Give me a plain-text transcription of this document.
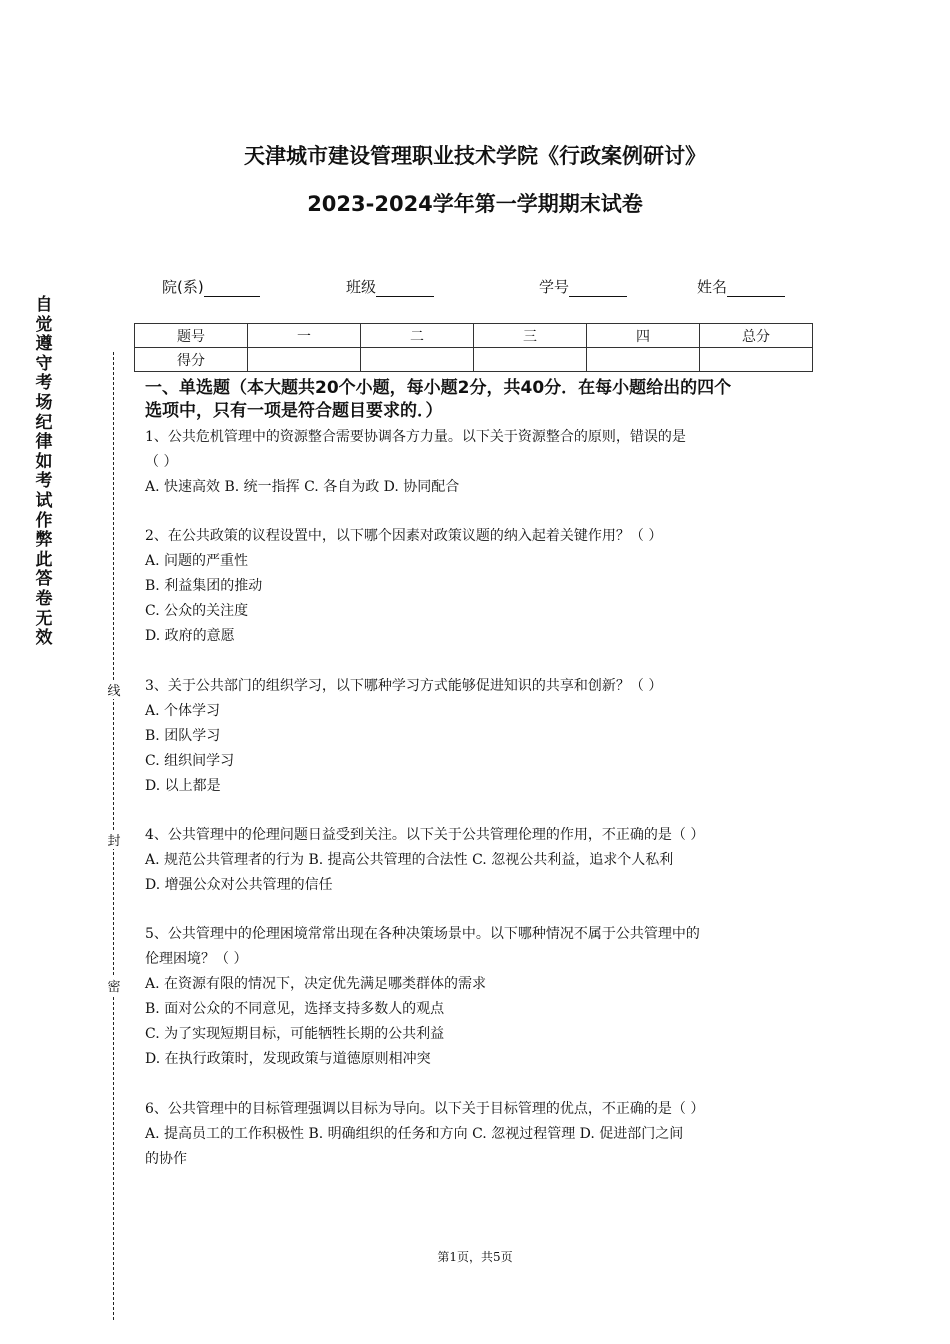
天津城市建设管理职业技术学院《行政案例研讨》
2023-2024学年第一学期期末试卷
院(系)	班级	学号	姓名
自
觉
遵
守
考
场
纪
律
如
考
试
作
弊
此
答
卷
无
效
线
封
密
题号	一	二	三	四	总分
得分					
一、单选题（本大题共20个小题，每小题2分，共40分．在每小题给出的四个
选项中，只有一项是符合题目要求的．）
1、公共危机管理中的资源整合需要协调各方力量。以下关于资源整合的原则，错误的是
（ ）
A. 快速高效 B. 统一指挥 C. 各自为政 D. 协同配合
2、在公共政策的议程设置中，以下哪个因素对政策议题的纳入起着关键作用？（ ）
A. 问题的严重性
B. 利益集团的推动
C. 公众的关注度
D. 政府的意愿
3、关于公共部门的组织学习，以下哪种学习方式能够促进知识的共享和创新？（ ）
A. 个体学习
B. 团队学习
C. 组织间学习
D. 以上都是
4、公共管理中的伦理问题日益受到关注。以下关于公共管理伦理的作用，不正确的是（ ）
A. 规范公共管理者的行为 B. 提高公共管理的合法性 C. 忽视公共利益，追求个人私利
D. 增强公众对公共管理的信任
5、公共管理中的伦理困境常常出现在各种决策场景中。以下哪种情况不属于公共管理中的
伦理困境？（ ）
A. 在资源有限的情况下，决定优先满足哪类群体的需求
B. 面对公众的不同意见，选择支持多数人的观点
C. 为了实现短期目标，可能牺牲长期的公共利益
D. 在执行政策时，发现政策与道德原则相冲突
6、公共管理中的目标管理强调以目标为导向。以下关于目标管理的优点，不正确的是（ ）
A. 提高员工的工作积极性 B. 明确组织的任务和方向 C. 忽视过程管理 D. 促进部门之间
的协作
第1页，共5页
